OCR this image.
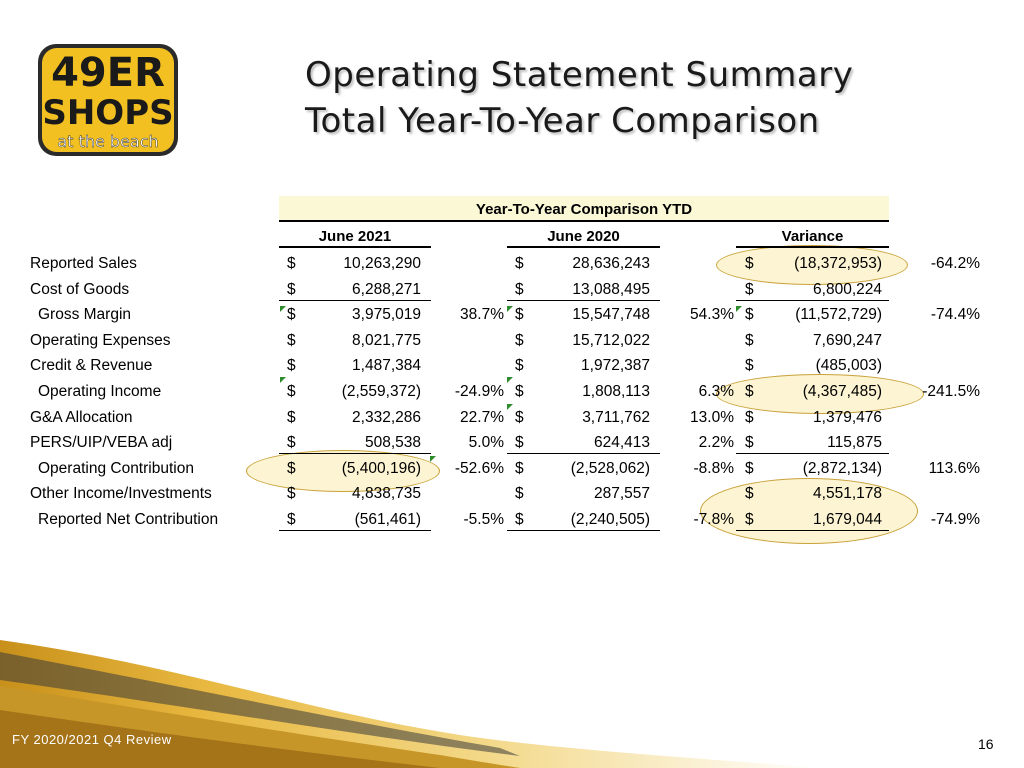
49ER
SHOPS
at the beach
Operating Statement Summary
Total Year-To-Year Comparison
Year-To-Year Comparison YTD
June 2021	June 2020	Variance
Reported Sales	$	10,263,290	$	28,636,243	$	(18,372,953)	-64.2%
Cost of Goods	$	6,288,271	$	13,088,495	$	6,800,224
Gross Margin	$	3,975,019	38.7% $	15,547,748	54.3% $	(11,572,729)	-74.4%
Operating Expenses	$	8,021,775	$	15,712,022	$	7,690,247
Credit & Revenue	$	1,487,384	$	1,972,387	$	(485,003)
Operating Income	$	(2,559,372)	-24.9% $	1,808,113	6.3% $	(4,367,485)	-241.5%
G&A Allocation	$	2,332,286	22.7% $	3,711,762	13.0% $	1,379,476
PERS/UIP/VEBA adj	$	508,538	5.0% $	624,413	2.2% $	115,875
Operating Contribution	$	(5,400,196)	-52.6% $	(2,528,062)	-8.8% $	(2,872,134)	113.6%
Other Income/Investments	$	4,838,735	$	287,557	$	4,551,178
Reported Net Contribution	$	(561,461)	-5.5% $	(2,240,505)	-7.8% $	1,679,044	-74.9%
FY 2020/2021 Q4 Review	16
